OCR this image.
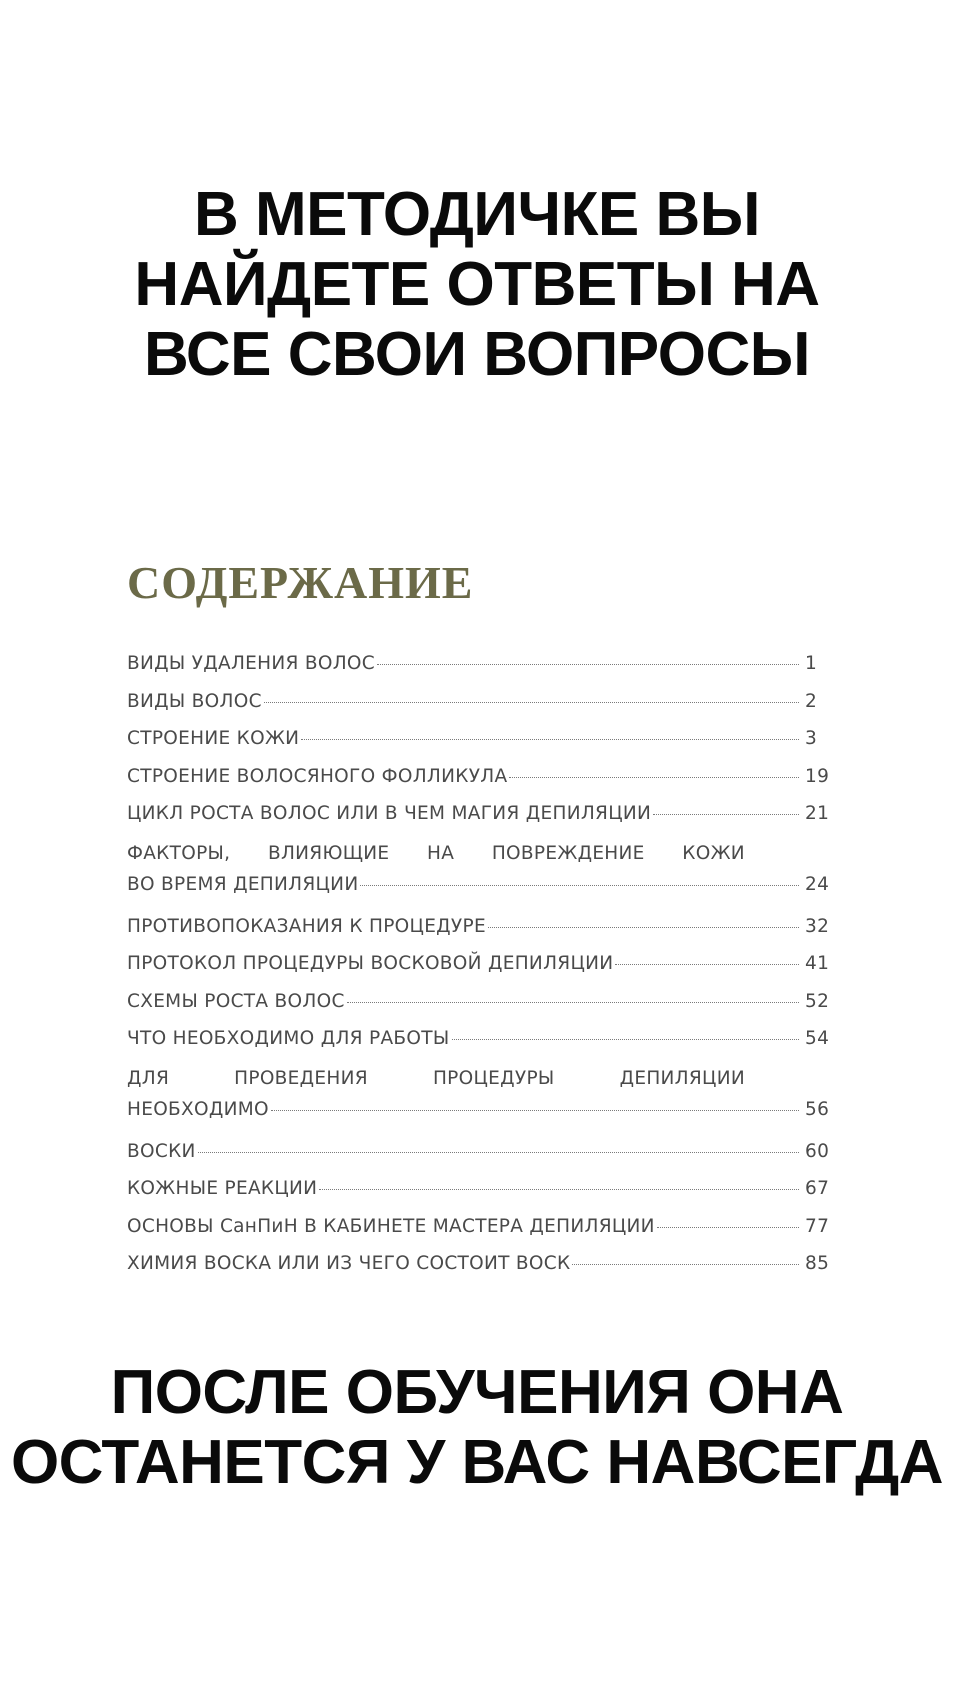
В МЕТОДИЧКЕ ВЫ
НАЙДЕТЕ ОТВЕТЫ НА
ВСЕ СВОИ ВОПРОСЫ
СОДЕРЖАНИЕ
ВИДЫ УДАЛЕНИЯ ВОЛОС	1
ВИДЫ ВОЛОС	2
СТРОЕНИЕ КОЖИ	3
СТРОЕНИЕ ВОЛОСЯНОГО ФОЛЛИКУЛА	19
ЦИКЛ РОСТА ВОЛОС ИЛИ В ЧЕМ МАГИЯ ДЕПИЛЯЦИИ	21
ФАКТОРЫ, ВЛИЯЮЩИЕ НА ПОВРЕЖДЕНИЕ КОЖИ
ВО ВРЕМЯ ДЕПИЛЯЦИИ	24
ПРОТИВОПОКАЗАНИЯ К ПРОЦЕДУРЕ	32
ПРОТОКОЛ ПРОЦЕДУРЫ ВОСКОВОЙ ДЕПИЛЯЦИИ	41
СХЕМЫ РОСТА ВОЛОС	52
ЧТО НЕОБХОДИМО ДЛЯ РАБОТЫ	54
ДЛЯ	ПРОВЕДЕНИЯ	ПРОЦЕДУРЫ	ДЕПИЛЯЦИИ
НЕОБХОДИМО	56
ВОСКИ	60
КОЖНЫЕ РЕАКЦИИ	67
ОСНОВЫ СанПиН В КАБИНЕТЕ МАСТЕРА ДЕПИЛЯЦИИ	77
ХИМИЯ ВОСКА ИЛИ ИЗ ЧЕГО СОСТОИТ ВОСК	85
ПОСЛЕ ОБУЧЕНИЯ ОНА
ОСТАНЕТСЯ У ВАС НАВСЕГДА
